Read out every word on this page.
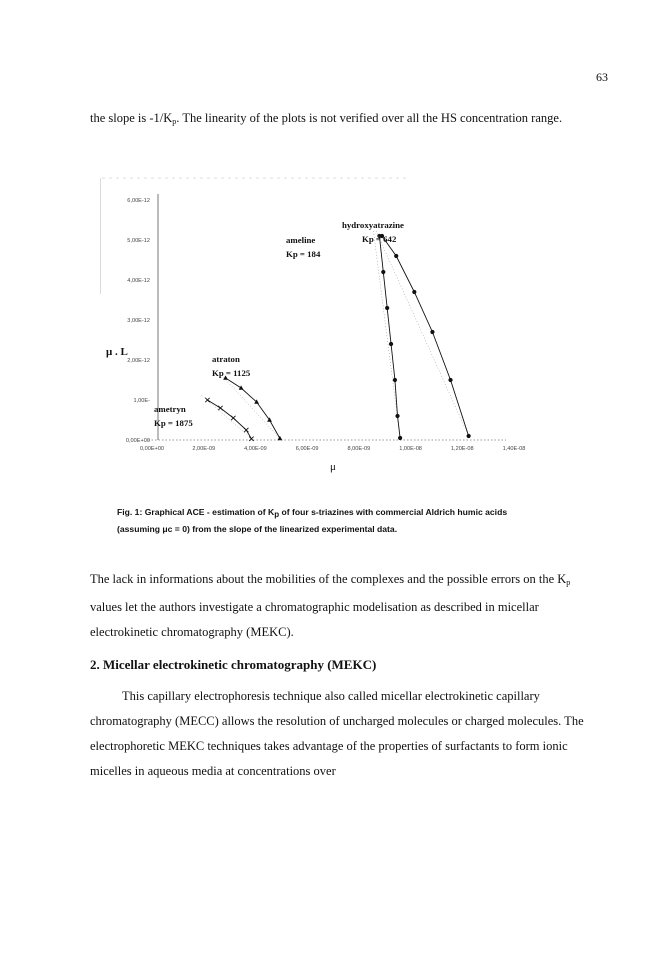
63

the slope is $-1/K_p$. The linearity of the plots is not verified over all the HS concentration range.

0,00E+00
1,00E-
2,00E-12
3,00E-12
4,00E-12
5,00E-12
6,00E-12
0,00E+00	2,00E-09	4,00E-09	6,00E-09	8,00E-09	1,00E-08	1,20E-08	1,40E-08
μ . L
μ
ametryn
Kp = 1875
atraton
Kp = 1125
ameline
Kp = 184
hydroxyatrazine
Kp = 642
Fig. 1: Graphical ACE - estimation of Kp of four s-triazines with commercial Aldrich humic acids
(assuming μc = 0) from the slope of the linearized experimental data.

The lack in informations about the mobilities of the complexes and the possible errors on the $K_p$ values let the authors investigate a chromatographic modelisation as described in micellar electrokinetic chromatography (MEKC).

2. Micellar electrokinetic chromatography (MEKC)

This capillary electrophoresis technique also called micellar electrokinetic capillary chromatography (MECC) allows the resolution of uncharged molecules or charged molecules. The electrophoretic MEKC techniques takes advantage of the properties of surfactants to form ionic micelles in aqueous media at concentrations over
